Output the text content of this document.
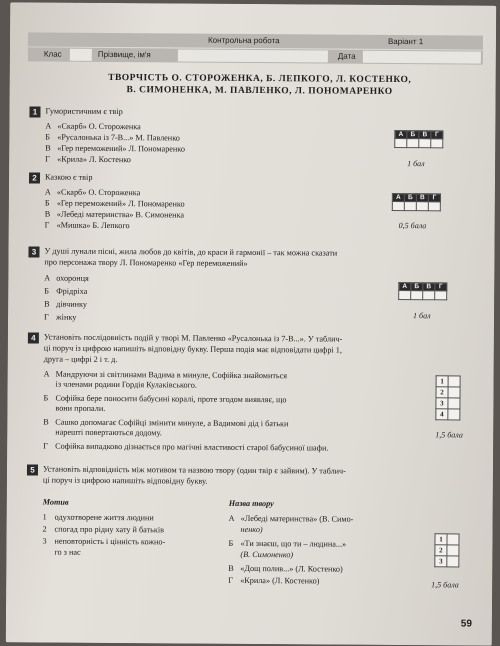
Контрольна робота	Варіант 1
Клас	Прізвище, ім'я	Дата
ТВОРЧІСТЬ О. СТОРОЖЕНКА, Б. ЛЕПКОГО, Л. КОСТЕНКО,
В. СИМОНЕНКА, М. ПАВЛЕНКО, Л. ПОНОМАРЕНКО
1	Гумористичним є твір
А «Скарб» О. Стороженка
Б «Русалонька із 7-В...» М. Павленко
В «Гер переможений» Л. Пономаренко
Г «Крила» Л. Костенко
А	Б	В	Г

1 бал
2	Казкою є твір
А «Скарб» О. Стороженка
Б «Гер переможений» Л. Пономаренко
В «Лебеді материнства» В. Симоненка
Г «Мишка» Б. Лепкого
А	Б	В	Г

0,5 бала
3	У душі лунали пісні, жила любов до квітів, до краси й гармонії – так можна сказати
про персонажа твору Л. Пономаренко «Гер переможений»
А охоронця
Б Фрідріха
В дівчинку
Г жінку
А	Б	В	Г

1 бал
4	Установіть послідовність подій у творі М. Павленко «Русалонька із 7-В...». У таблич-
ці поруч із цифрою напишіть відповідну букву. Перша подія має відповідати цифрі 1,
друга – цифрі 2 і т. д.
А Мандруючи зі світлинами Вадима в минуле, Софійка знайомиться
із членами родини Гордія Кулаківського.
Б Софійка бере поносити бабусині коралі, проте згодом виявляє, що
вони пропали.
В Сашко допомагає Софійці змінити минуле, а Вадимові дід і батьки
нарешті повертаються додому.
Г Софійка випадково дізнається про магічні властивості старої бабусиної шафи.
1	
2	
3	
4	
1,5 бала
5	Установіть відповідність між мотивом та назвою твору (один твір є зайвим). У таблич-
ці поруч із цифрою напишіть відповідну букву.
Мотив	Назва твору
1 одухотворене життя людини
2 спогад про рідну хату й батьків
3 неповторність і цінність кожно-
го з нас
А «Лебеді материнства» (В. Симо-
ненко)
Б «Ти знаєш, що ти – людина...»
(В. Симоненко)
В «Дощ полив...» (Л. Костенко)
Г «Крила» (Л. Костенко)
1	
2	
3	
1,5 бала
59
